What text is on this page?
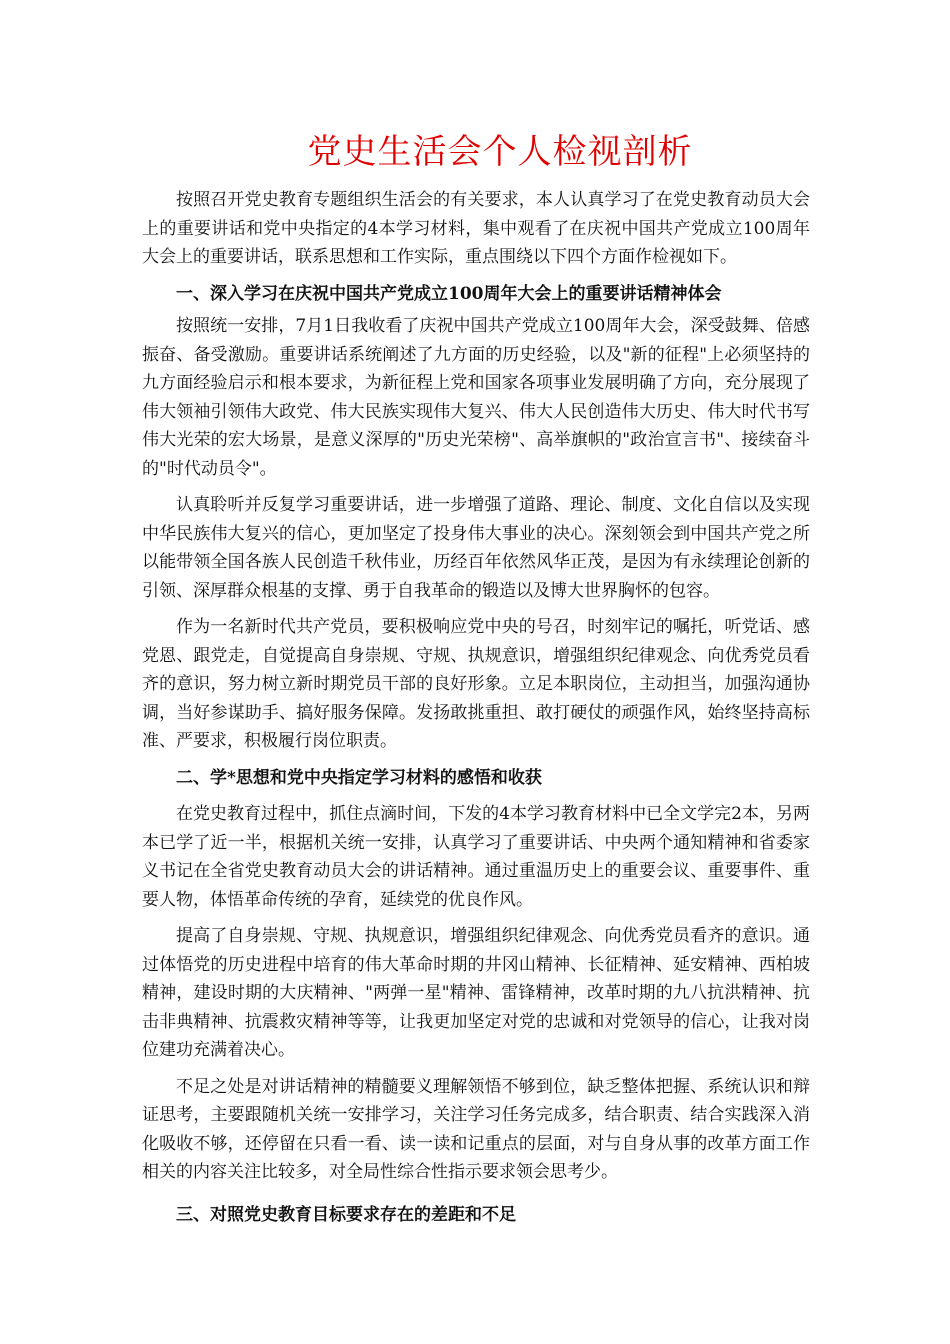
党史生活会个人检视剖析

按照召开党史教育专题组织生活会的有关要求，本人认真学习了在党史教育动员大会上的重要讲话和党中央指定的4本学习材料，集中观看了在庆祝中国共产党成立100周年大会上的重要讲话，联系思想和工作实际，重点围绕以下四个方面作检视如下。

一、深入学习在庆祝中国共产党成立100周年大会上的重要讲话精神体会

按照统一安排，7月1日我收看了庆祝中国共产党成立100周年大会，深受鼓舞、倍感振奋、备受激励。重要讲话系统阐述了九方面的历史经验，以及"新的征程"上必须坚持的九方面经验启示和根本要求，为新征程上党和国家各项事业发展明确了方向，充分展现了伟大领袖引领伟大政党、伟大民族实现伟大复兴、伟大人民创造伟大历史、伟大时代书写伟大光荣的宏大场景，是意义深厚的"历史光荣榜"、高举旗帜的"政治宣言书"、接续奋斗的"时代动员令"。

认真聆听并反复学习重要讲话，进一步增强了道路、理论、制度、文化自信以及实现中华民族伟大复兴的信心，更加坚定了投身伟大事业的决心。深刻领会到中国共产党之所以能带领全国各族人民创造千秋伟业，历经百年依然风华正茂，是因为有永续理论创新的引领、深厚群众根基的支撑、勇于自我革命的锻造以及博大世界胸怀的包容。

作为一名新时代共产党员，要积极响应党中央的号召，时刻牢记的嘱托，听党话、感党恩、跟党走，自觉提高自身崇规、守规、执规意识，增强组织纪律观念、向优秀党员看齐的意识，努力树立新时期党员干部的良好形象。立足本职岗位，主动担当，加强沟通协调，当好参谋助手、搞好服务保障。发扬敢挑重担、敢打硬仗的顽强作风，始终坚持高标准、严要求，积极履行岗位职责。

二、学*思想和党中央指定学习材料的感悟和收获

在党史教育过程中，抓住点滴时间，下发的4本学习教育材料中已全文学完2本，另两本已学了近一半，根据机关统一安排，认真学习了重要讲话、中央两个通知精神和省委家义书记在全省党史教育动员大会的讲话精神。通过重温历史上的重要会议、重要事件、重要人物，体悟革命传统的孕育，延续党的优良作风。

提高了自身崇规、守规、执规意识，增强组织纪律观念、向优秀党员看齐的意识。通过体悟党的历史进程中培育的伟大革命时期的井冈山精神、长征精神、延安精神、西柏坡精神，建设时期的大庆精神、"两弹一星"精神、雷锋精神，改革时期的九八抗洪精神、抗击非典精神、抗震救灾精神等等，让我更加坚定对党的忠诚和对党领导的信心，让我对岗位建功充满着决心。

不足之处是对讲话精神的精髓要义理解领悟不够到位，缺乏整体把握、系统认识和辩证思考，主要跟随机关统一安排学习，关注学习任务完成多，结合职责、结合实践深入消化吸收不够，还停留在只看一看、读一读和记重点的层面，对与自身从事的改革方面工作相关的内容关注比较多，对全局性综合性指示要求领会思考少。

三、对照党史教育目标要求存在的差距和不足
